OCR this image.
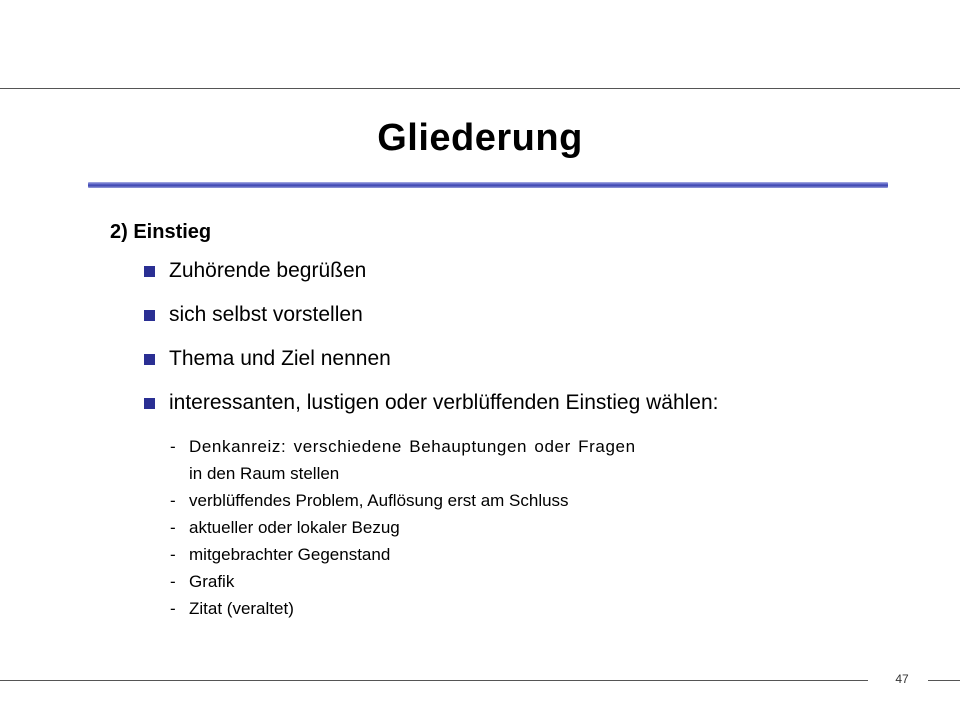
Gliederung
2) Einstieg
Zuhörende begrüßen
sich selbst vorstellen
Thema und Ziel nennen
interessanten, lustigen oder verblüffenden Einstieg wählen:
- Denkanreiz: verschiedene Behauptungen oder Fragen
in den Raum stellen
- verblüffendes Problem, Auflösung erst am Schluss
- aktueller oder lokaler Bezug
- mitgebrachter Gegenstand
- Grafik
- Zitat (veraltet)
47
